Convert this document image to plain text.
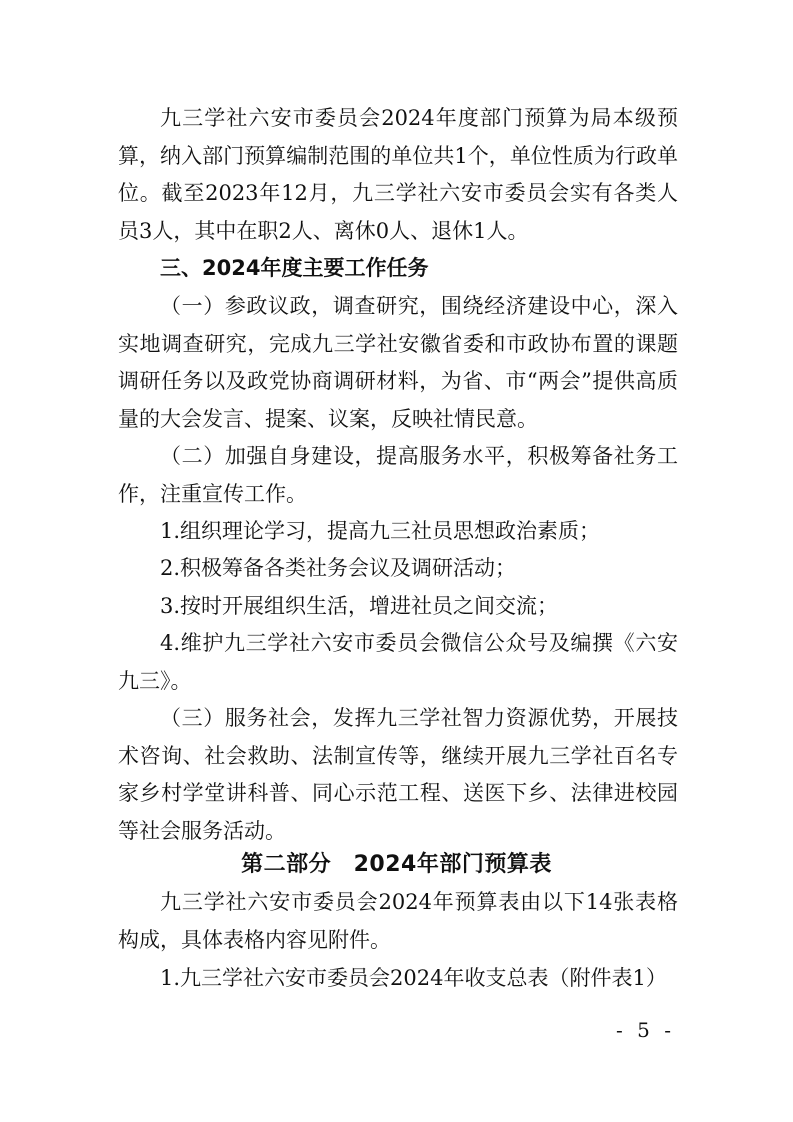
九三学社六安市委员会2024年度部门预算为局本级预算，纳入部门预算编制范围的单位共1个，单位性质为行政单位。截至2023年12月，九三学社六安市委员会实有各类人员3人，其中在职2人、离休0人、退休1人。

三、2024年度主要工作任务

（一）参政议政，调查研究，围绕经济建设中心，深入实地调查研究，完成九三学社安徽省委和市政协布置的课题调研任务以及政党协商调研材料，为省、市“两会”提供高质量的大会发言、提案、议案，反映社情民意。

（二）加强自身建设，提高服务水平，积极筹备社务工作，注重宣传工作。

1.组织理论学习，提高九三社员思想政治素质；

2.积极筹备各类社务会议及调研活动；

3.按时开展组织生活，增进社员之间交流；

4.维护九三学社六安市委员会微信公众号及编撰《六安九三》。

（三）服务社会，发挥九三学社智力资源优势，开展技术咨询、社会救助、法制宣传等，继续开展九三学社百名专家乡村学堂讲科普、同心示范工程、送医下乡、法律进校园等社会服务活动。

第二部分　2024年部门预算表

九三学社六安市委员会2024年预算表由以下14张表格构成，具体表格内容见附件。

1.九三学社六安市委员会2024年收支总表（附件表1）

- 5 -
